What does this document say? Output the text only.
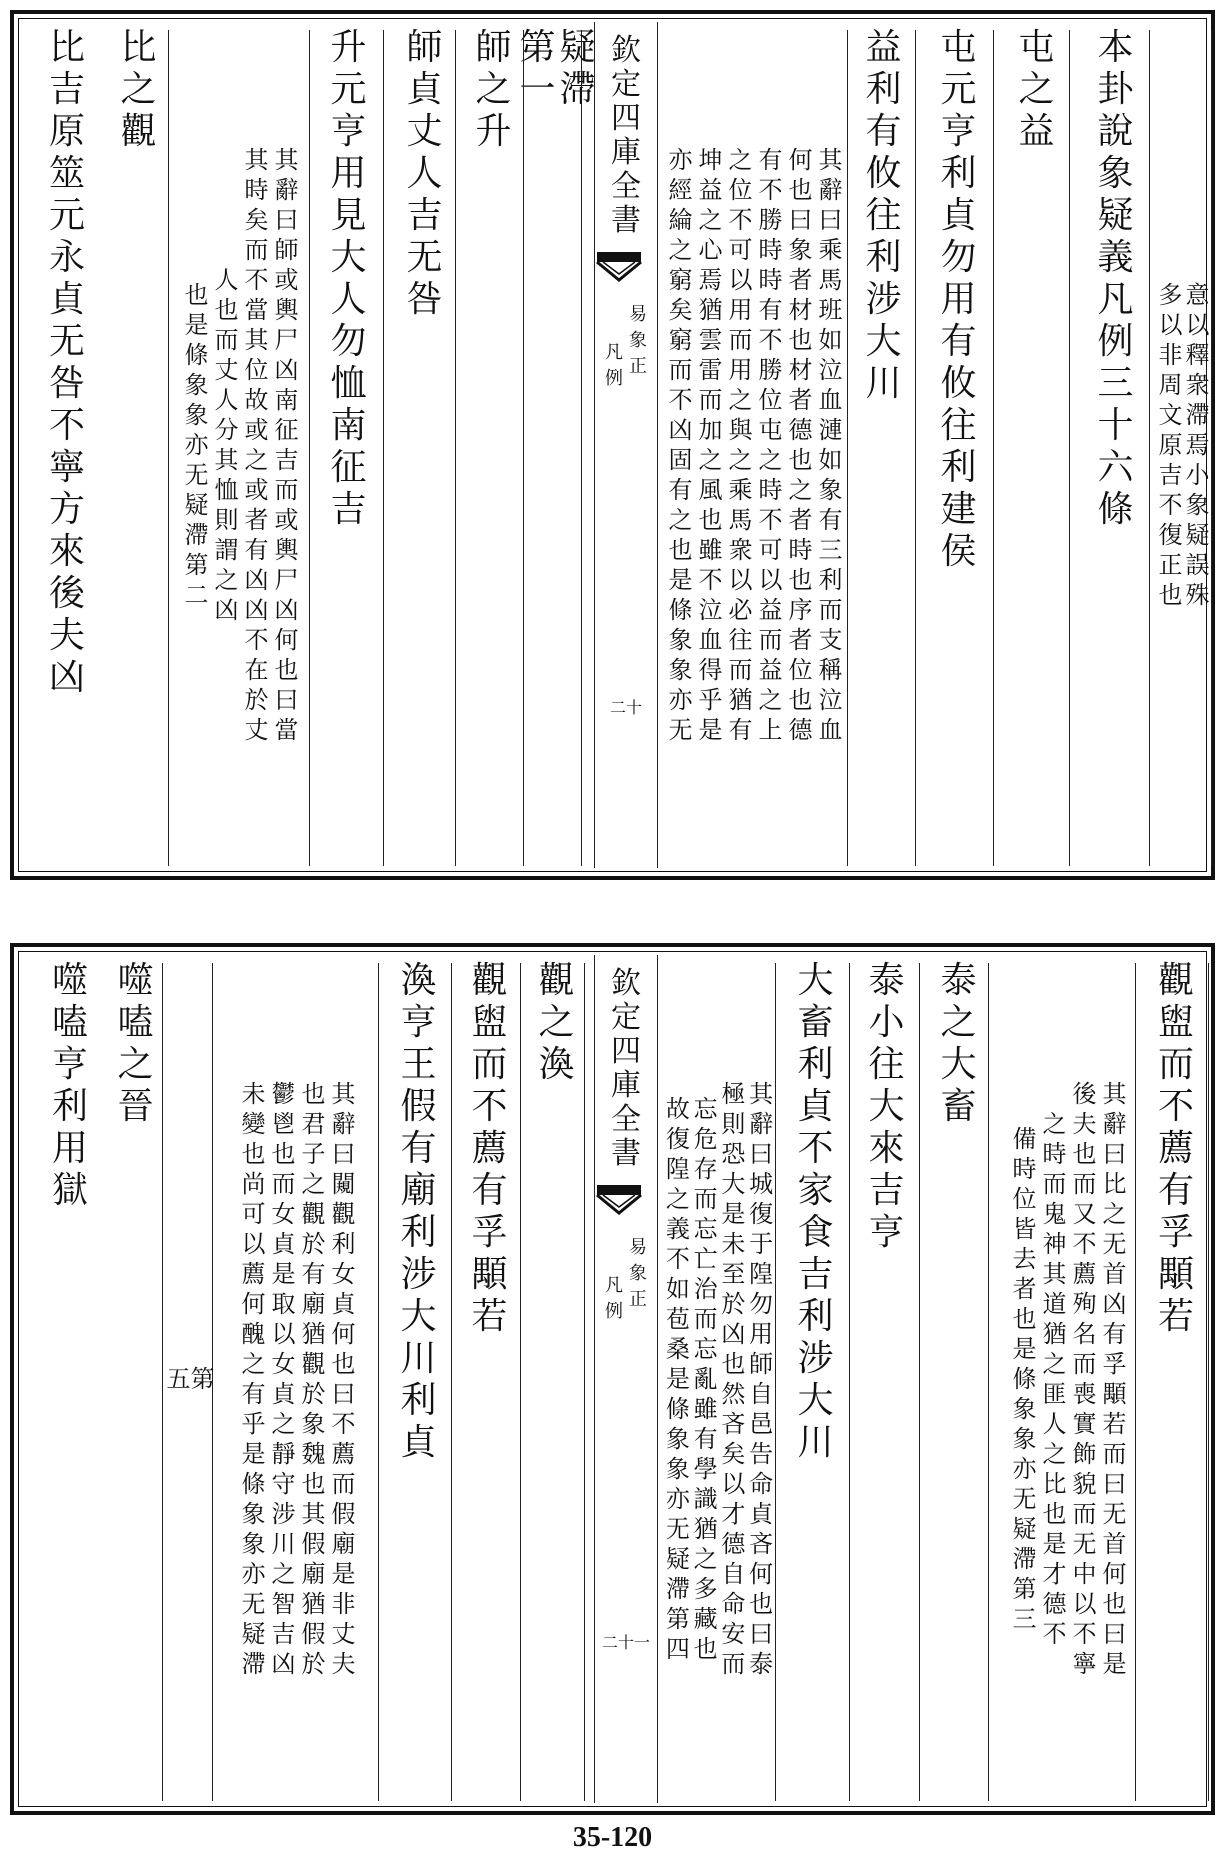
意
以
釋
衆
滯
焉
小
象
疑
誤
殊
多
以
非
周
文
原
吉
不
復
正
也
本
卦
說
象
疑
義
凡
例
三
十
六
條
屯
之
益
屯
元
亨
利
貞
勿
用
有
攸
往
利
建
侯
益
利
有
攸
往
利
涉
大
川
其
辭
曰
乘
馬
班
如
泣
血
漣
如
象
有
三
利
而
支
稱
泣
血
何
也
曰
象
者
材
也
材
者
德
也
之
者
時
也
序
者
位
也
德
有
不
勝
時
時
有
不
勝
位
屯
之
時
不
可
以
益
而
益
之
上
之
位
不
可
以
用
而
用
之
與
之
乘
馬
衆
以
必
往
而
猶
有
坤
益
之
心
焉
猶
雲
雷
而
加
之
風
也
雖
不
泣
血
得
乎
是
亦
經
綸
之
窮
矣
窮
而
不
凶
固
有
之
也
是
條
象
象
亦
无
疑
滯
第
一
師
之
升
師
貞
丈
人
吉
无
咎
升
元
亨
用
見
大
人
勿
恤
南
征
吉
其
辭
曰
師
或
輿
尸
凶
南
征
吉
而
或
輿
尸
凶
何
也
曰
當
其
時
矣
而
不
當
其
位
故
或
之
或
者
有
凶
凶
不
在
於
丈
人
也
而
丈
人
分
其
恤
則
謂
之
凶
也
是
條
象
象
亦
无
疑
滯
第
二
比
之
觀
比
吉
原
筮
元
永
貞
无
咎
不
寧
方
來
後
夫
凶
欽
定
四
庫
全
書
易
象
正
凡
例
二十
觀
盥
而
不
薦
有
孚
顒
若
其
辭
曰
比
之
无
首
凶
有
孚
顒
若
而
曰
无
首
何
也
曰
是
後
夫
也
而
又
不
薦
殉
名
而
喪
實
飾
貌
而
无
中
以
不
寧
之
時
而
鬼
神
其
道
猶
之
匪
人
之
比
也
是
才
德
不
備
時
位
皆
去
者
也
是
條
象
象
亦
无
疑
滯
第
三
泰
之
大
畜
泰
小
往
大
來
吉
亨
大
畜
利
貞
不
家
食
吉
利
涉
大
川
其
辭
曰
城
復
于
隍
勿
用
師
自
邑
告
命
貞
吝
何
也
曰
泰
極
則
恐
大
是
未
至
於
凶
也
然
吝
矣
以
才
德
自
命
安
而
忘
危
存
而
忘
亡
治
而
忘
亂
雖
有
學
識
猶
之
多
藏
也
故
復
隍
之
義
不
如
苞
桑
是
條
象
象
亦
无
疑
滯
第
四
觀
之
渙
觀
盥
而
不
薦
有
孚
顒
若
渙
亨
王
假
有
廟
利
涉
大
川
利
貞
其
辭
曰
闚
觀
利
女
貞
何
也
曰
不
薦
而
假
廟
是
非
丈
夫
也
君
子
之
觀
於
有
廟
猶
觀
於
象
魏
也
其
假
廟
猶
假
於
鬱
鬯
也
而
女
貞
是
取
以
女
貞
之
靜
守
涉
川
之
智
吉
凶
未
變
也
尚
可
以
薦
何
醜
之
有
乎
是
條
象
象
亦
无
疑
滯
第
五
噬
嗑
之
晉
噬
嗑
亨
利
用
獄
欽
定
四
庫
全
書
易
象
正
凡
例
二十一
35-120
